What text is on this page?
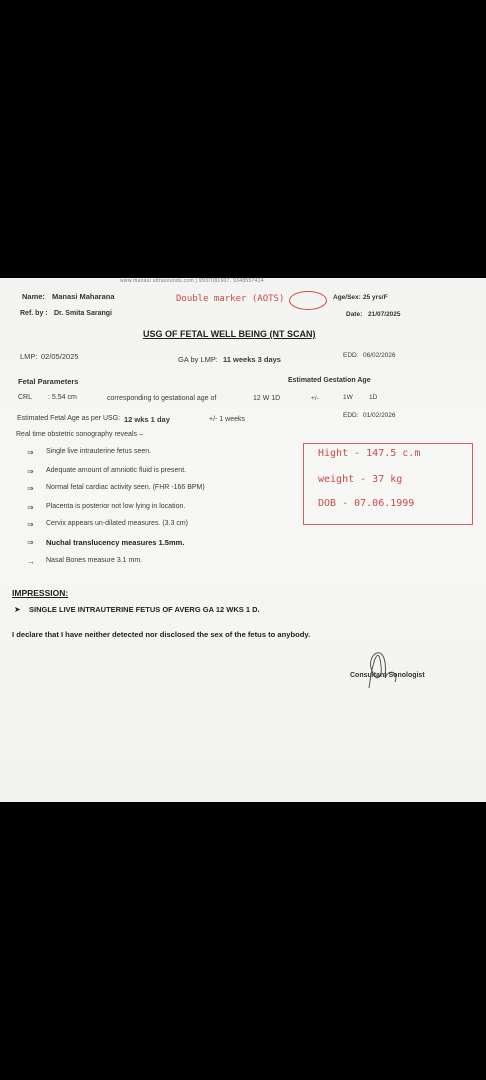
www.manasi ultrasounds.com | 9937081607, 9348557414
Name: Manasi Maharana
Ref. by : Dr. Smita Sarangi
Double marker (AOTS)	Age/Sex: 25 yrs/F
Date: 21/07/2025
USG OF FETAL WELL BEING (NT SCAN)
LMP: 02/05/2025	GA by LMP: 11 weeks 3 days	EDD: 06/02/2026
Fetal Parameters	Estimated Gestation Age
CRL : 5.54 cm	corresponding to gestational age of	12 W 1D	+/-	1W	1D
Estimated Fetal Age as per USG: 12 wks 1 day	+/- 1 weeks
EDD: 01/02/2026
Real time obstetric sonography reveals –
⇒ Single live intrauterine fetus seen.
⇒ Adequate amount of amniotic fluid is present.
⇒ Normal fetal cardiac activity seen. (FHR -166 BPM)
⇒ Placenta is posterior not low lying in location.
⇒ Cervix appears un-dilated measures. (3.3 cm)
⇒ Nuchal translucency measures 1.5mm.
→ Nasal Bones measure 3.1 mm.
Hight - 147.5 c.m
weight - 37 kg
DOB - 07.06.1999
IMPRESSION:
➤ SINGLE LIVE INTRAUTERINE FETUS OF AVERG GA 12 WKS 1 D.
I declare that I have neither detected nor disclosed the sex of the fetus to anybody.
Consultant Sonologist
